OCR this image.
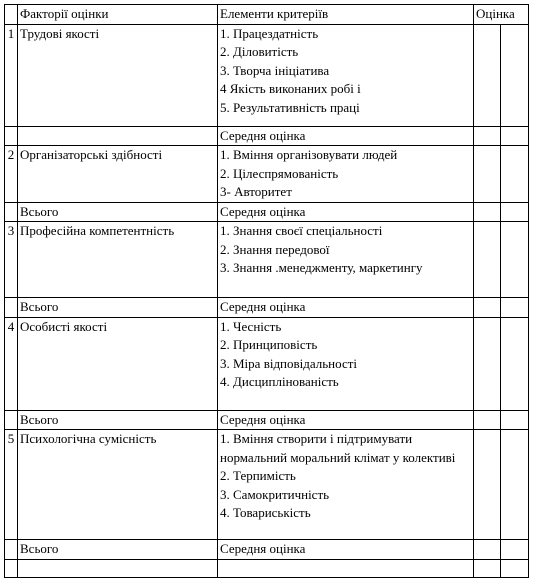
	Факторії оцінки	Елементи критеріїв	Оцінка	
1	Трудові якості	1. Працездатність
2. Діловитість
3. Творча ініціатива
4 Якість виконаних робі і
5. Результативність праці		

		Середня оцінка		
2	Організаторські здібності	1. Вміння організовувати людей
2. Цілеспрямованість
3- Авторитет		

	Всього	Середня оцінка		
3	Професійна компетентність	1. Знання своєї спеціальності
2. Знання передової
3. Знання .менеджменту, маркетингу		

	Всього	Середня оцінка		
4	Особисті якості	1. Чесність
2. Принциповість
3. Міра відповідальності
4. Дисциплінованість		

	Всього	Середня оцінка		
5	Психологічна сумісність	1. Вміння створити і підтримувати нормальний моральний клімат у колективі
2. Терпимість
3. Самокритичність
4. Товариськість		

	Всього	Середня оцінка		
